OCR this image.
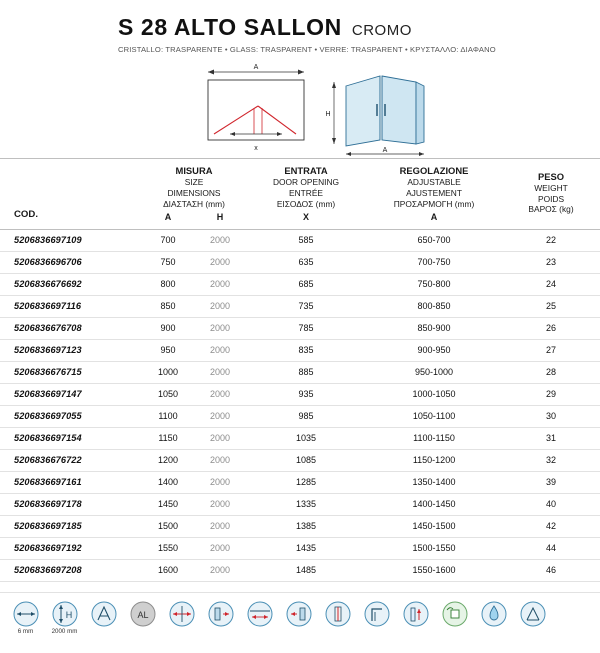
S 28 ALTO SALLON CROMO
CRISTALLO: TRASPARENTE • GLASS: TRASPARENT • VERRE: TRASPARENT • ΚΡΥΣΤΑΛΛΟ: ΔΙΑΦΑΝΟ
A
x
H
A
COD.	
MISURA
SIZE
DIMENSIONS
ΔΙΑΣΤΑΣΗ (mm)
A	H

ENTRATA
DOOR OPENING
ENTRÉE
ΕΙΣΟΔΟΣ (mm)
X

REGOLAZIONE
ADJUSTABLE
AJUSTEMENT
ΠΡΟΣΑΡΜΟΓΗ (mm)
A

PESO
WEIGHT
POIDS
ΒΑΡΟΣ (kg)

5206836697109	700	2000	585	650-700	22
5206836696706	750	2000	635	700-750	23
5206836676692	800	2000	685	750-800	24
5206836697116	850	2000	735	800-850	25
5206836676708	900	2000	785	850-900	26
5206836697123	950	2000	835	900-950	27
5206836676715	1000	2000	885	950-1000	28
5206836697147	1050	2000	935	1000-1050	29
5206836697055	1100	2000	985	1050-1100	30
5206836697154	1150	2000	1035	1100-1150	31
5206836676722	1200	2000	1085	1150-1200	32
5206836697161	1400	2000	1285	1350-1400	39
5206836697178	1450	2000	1335	1400-1450	40
5206836697185	1500	2000	1385	1450-1500	42
5206836697192	1550	2000	1435	1500-1550	44
5206836697208	1600	2000	1485	1550-1600	46
6 mm
H
2000 mm
AL
